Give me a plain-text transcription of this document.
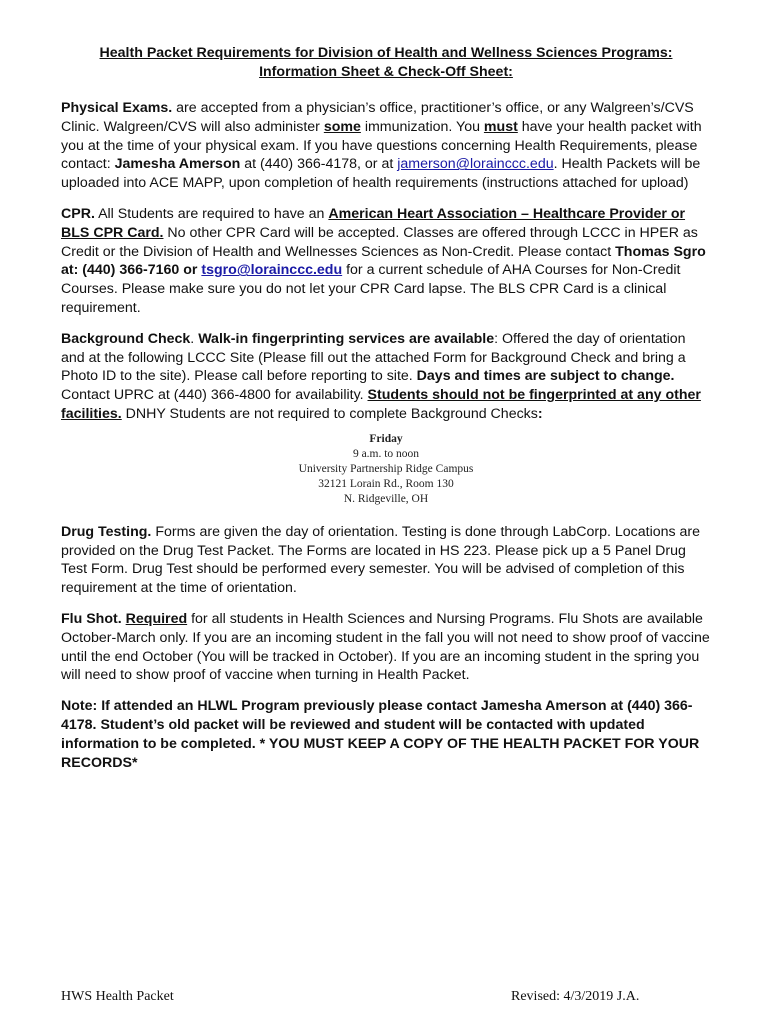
Health Packet Requirements for Division of Health and Wellness Sciences Programs:
Information Sheet & Check-Off Sheet:

Physical Exams. are accepted from a physician’s office, practitioner’s office, or any Walgreen’s/CVS Clinic. Walgreen/CVS will also administer some immunization. You must have your health packet with you at the time of your physical exam. If you have questions concerning Health Requirements, please contact: Jamesha Amerson at (440) 366-4178, or at jamerson@lorainccc.edu. Health Packets will be uploaded into ACE MAPP, upon completion of health requirements (instructions attached for upload)

CPR. All Students are required to have an American Heart Association – Healthcare Provider or BLS CPR Card. No other CPR Card will be accepted. Classes are offered through LCCC in HPER as Credit or the Division of Health and Wellnesses Sciences as Non-Credit. Please contact Thomas Sgro at: (440) 366-7160 or tsgro@lorainccc.edu for a current schedule of AHA Courses for Non-Credit Courses. Please make sure you do not let your CPR Card lapse. The BLS CPR Card is a clinical requirement.

Background Check. Walk-in fingerprinting services are available: Offered the day of orientation and at the following LCCC Site (Please fill out the attached Form for Background Check and bring a Photo ID to the site). Please call before reporting to site. Days and times are subject to change. Contact UPRC at (440) 366-4800 for availability. Students should not be fingerprinted at any other facilities. DNHY Students are not required to complete Background Checks:

Friday
9 a.m. to noon
University Partnership Ridge Campus
32121 Lorain Rd., Room 130
N. Ridgeville, OH

Drug Testing. Forms are given the day of orientation. Testing is done through LabCorp. Locations are provided on the Drug Test Packet. The Forms are located in HS 223. Please pick up a 5 Panel Drug Test Form. Drug Test should be performed every semester. You will be advised of completion of this requirement at the time of orientation.

Flu Shot. Required for all students in Health Sciences and Nursing Programs. Flu Shots are available October-March only. If you are an incoming student in the fall you will not need to show proof of vaccine until the end October (You will be tracked in October). If you are an incoming student in the spring you will need to show proof of vaccine when turning in Health Packet.

Note: If attended an HLWL Program previously please contact Jamesha Amerson at (440) 366-4178. Student’s old packet will be reviewed and student will be contacted with updated information to be completed. * YOU MUST KEEP A COPY OF THE HEALTH PACKET FOR YOUR RECORDS*

HWS Health Packet	Revised: 4/3/2019 J.A.
